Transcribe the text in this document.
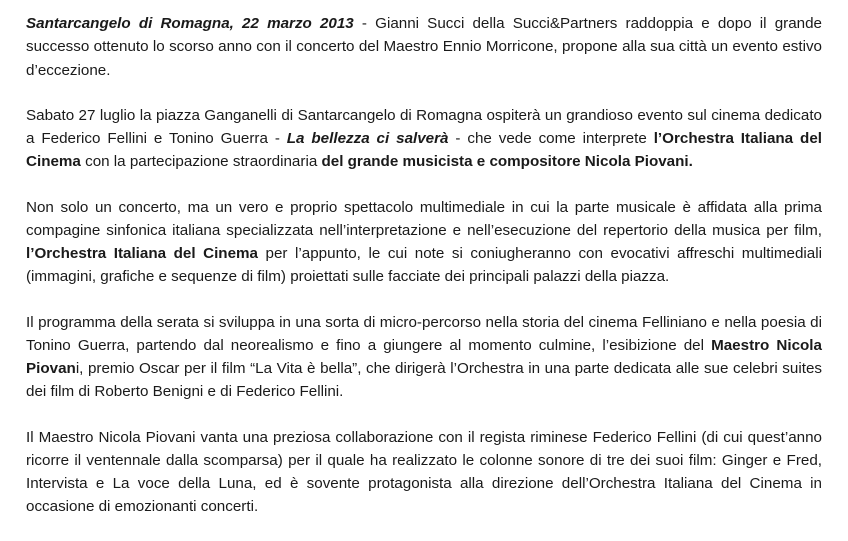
Santarcangelo di Romagna, 22 marzo 2013 - Gianni Succi della Succi&Partners raddoppia e dopo il grande successo ottenuto lo scorso anno con il concerto del Maestro Ennio Morricone, propone alla sua città un evento estivo d’eccezione.

Sabato 27 luglio la piazza Ganganelli di Santarcangelo di Romagna ospiterà un grandioso evento sul cinema dedicato a Federico Fellini e Tonino Guerra - La bellezza ci salverà - che vede come interprete l’Orchestra Italiana del Cinema con la partecipazione straordinaria del grande musicista e compositore Nicola Piovani.

Non solo un concerto, ma un vero e proprio spettacolo multimediale in cui la parte musicale è affidata alla prima compagine sinfonica italiana specializzata nell’interpretazione e nell’esecuzione del repertorio della musica per film, l’Orchestra Italiana del Cinema per l’appunto, le cui note si coniugheranno con evocativi affreschi multimediali (immagini, grafiche e sequenze di film) proiettati sulle facciate dei principali palazzi della piazza.

Il programma della serata si sviluppa in una sorta di micro-percorso nella storia del cinema Felliniano e nella poesia di Tonino Guerra, partendo dal neorealismo e fino a giungere al momento culmine, l’esibizione del Maestro Nicola Piovani, premio Oscar per il film “La Vita è bella”, che dirigerà l’Orchestra in una parte dedicata alle sue celebri suites dei film di Roberto Benigni e di Federico Fellini.

Il Maestro Nicola Piovani vanta una preziosa collaborazione con il regista riminese Federico Fellini (di cui quest’anno ricorre il ventennale dalla scomparsa) per il quale ha realizzato le colonne sonore di tre dei suoi film: Ginger e Fred, Intervista e La voce della Luna, ed è sovente protagonista alla direzione dell’Orchestra Italiana del Cinema in occasione di emozionanti concerti.
